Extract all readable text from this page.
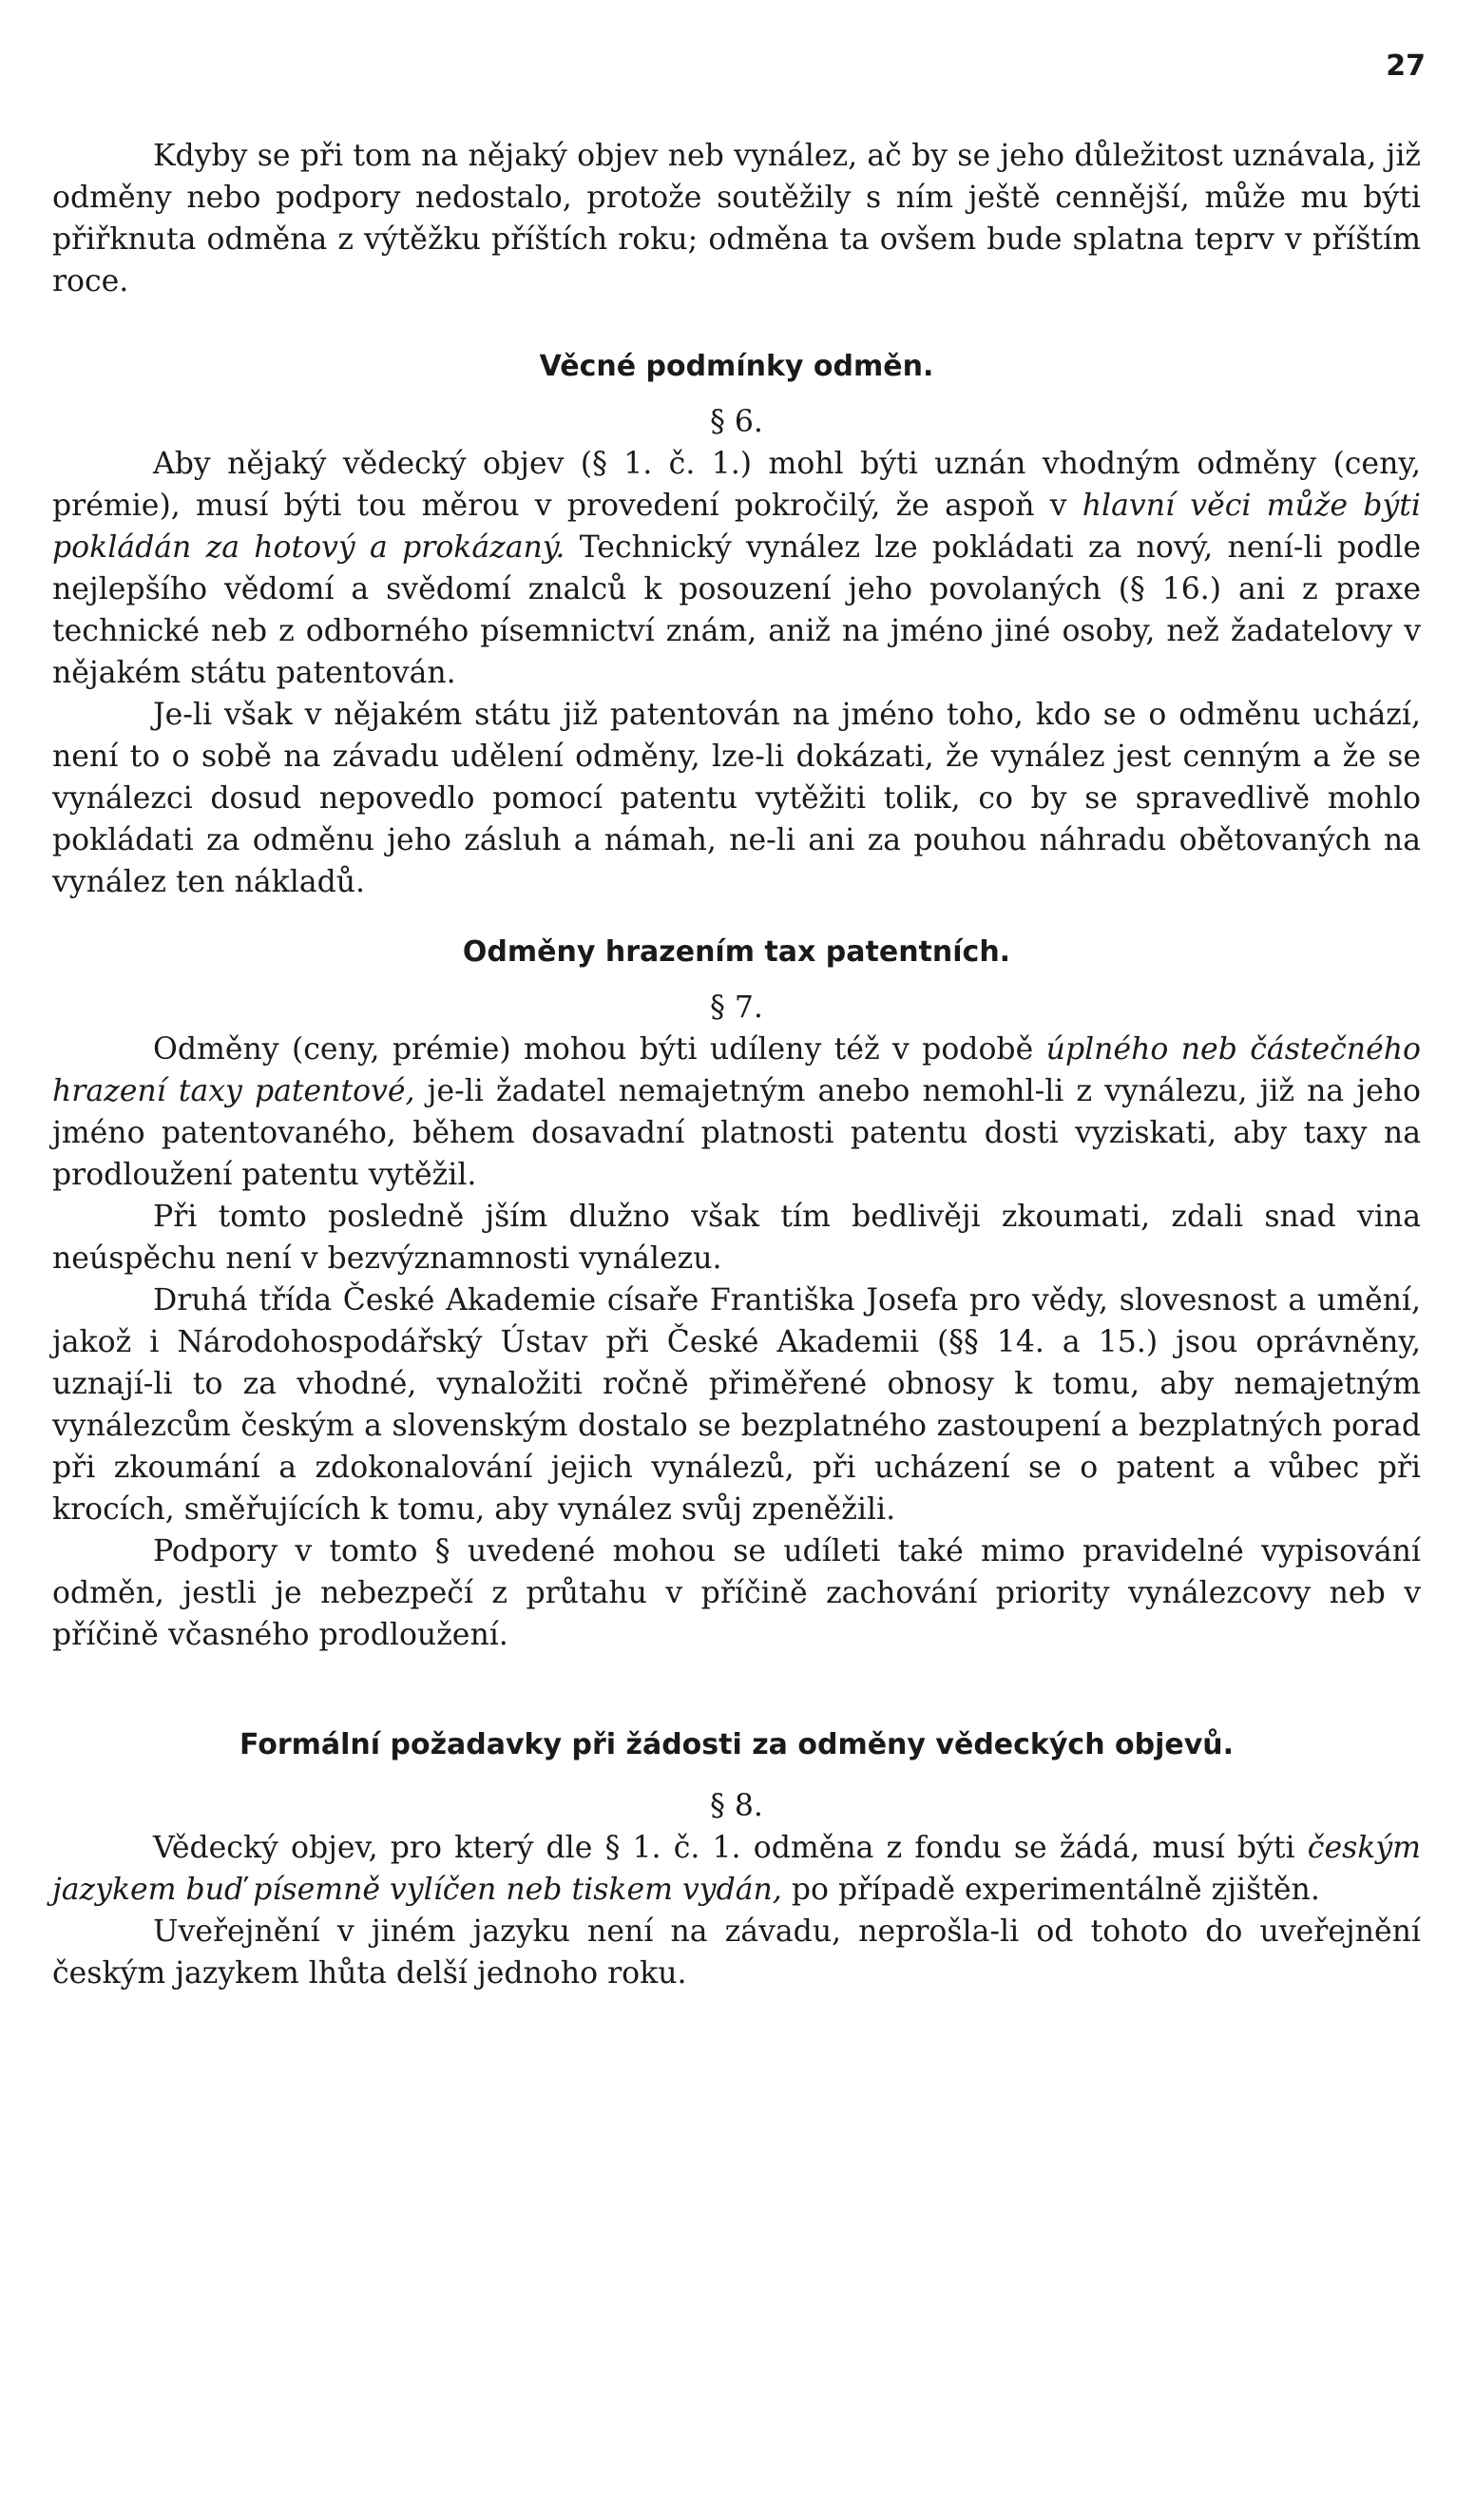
27

Kdyby se při tom na nějaký objev neb vynález, ač by se jeho důležitost uznávala, již odměny nebo podpory nedostalo, protože soutěžily s ním ještě cennější, může mu býti přiřknuta odměna z výtěžku příštích roku; odměna ta ovšem bude splatna teprv v příštím roce.

Věcné podmínky odměn.
§ 6.

Aby nějaký vědecký objev (§ 1. č. 1.) mohl býti uznán vhodným odměny (ceny, prémie), musí býti tou měrou v provedení pokročilý, že aspoň v hlavní věci může býti pokládán za hotový a prokázaný. Technický vynález lze pokládati za nový, není-li podle nejlepšího vědomí a svědomí znalců k posouzení jeho povolaných (§ 16.) ani z praxe technické neb z odborného písemnictví znám, aniž na jméno jiné osoby, než žadatelovy v nějakém státu patentován.

Je-li však v nějakém státu již patentován na jméno toho, kdo se o odměnu uchází, není to o sobě na závadu udělení odměny, lze-li dokázati, že vynález jest cenným a že se vynálezci dosud nepovedlo pomocí patentu vytěžiti tolik, co by se spravedlivě mohlo pokládati za odměnu jeho zásluh a námah, ne-li ani za pouhou náhradu obětovaných na vynález ten nákladů.

Odměny hrazením tax patentních.
§ 7.

Odměny (ceny, prémie) mohou býti udíleny též v podobě úplného neb částečného hrazení taxy patentové, je-li žadatel nemajetným anebo nemohl-li z vynálezu, již na jeho jméno patentovaného, během dosavadní platnosti patentu dosti vyziskati, aby taxy na prodloužení patentu vytěžil.

Při tomto posledně jším dlužno však tím bedlivěji zkoumati, zdali snad vina neúspěchu není v bezvýznamnosti vynálezu.

Druhá třída České Akademie císaře Františka Josefa pro vědy, slovesnost a umění, jakož i Národohospodářský Ústav při České Akademii (§§ 14. a 15.) jsou oprávněny, uznají-li to za vhodné, vynaložiti ročně přiměřené obnosy k tomu, aby nemajetným vynálezcům českým a slovenským dostalo se bezplatného zastoupení a bezplatných porad při zkoumání a zdokonalování jejich vynálezů, při ucházení se o patent a vůbec při krocích, směřujících k tomu, aby vynález svůj zpeněžili.

Podpory v tomto § uvedené mohou se udíleti také mimo pravidelné vypisování odměn, jestli je nebezpečí z průtahu v příčině zachování priority vynálezcovy neb v příčině včasného prodloužení.

Formální požadavky při žádosti za odměny vědeckých objevů.
§ 8.

Vědecký objev, pro který dle § 1. č. 1. odměna z fondu se žádá, musí býti českým jazykem buď písemně vylíčen neb tiskem vydán, po případě experimentálně zjištěn.

Uveřejnění v jiném jazyku není na závadu, neprošla-li od tohoto do uveřejnění českým jazykem lhůta delší jednoho roku.
